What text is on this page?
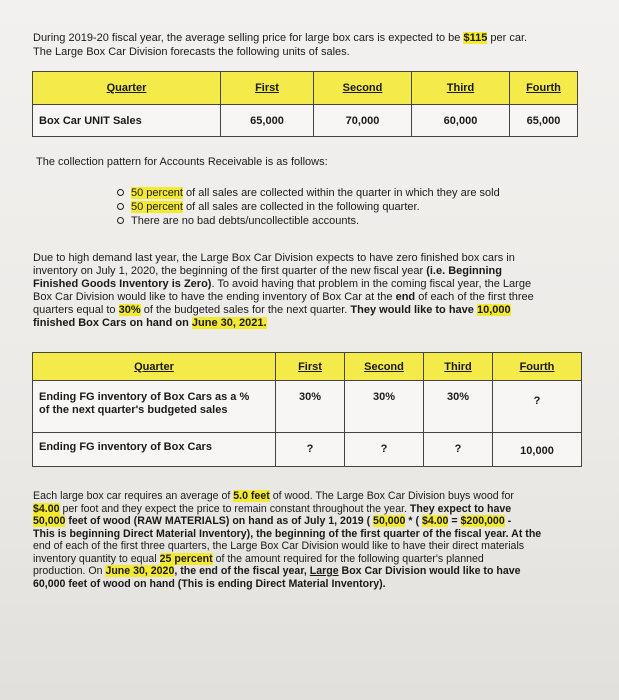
During 2019-20 fiscal year, the average selling price for large box cars is expected to be $115 per car.
The Large Box Car Division forecasts the following units of sales.
Quarter	First	Second	Third	Fourth
Box Car UNIT Sales	65,000	70,000	60,000	65,000
The collection pattern for Accounts Receivable is as follows:
50 percent of all sales are collected within the quarter in which they are sold
50 percent of all sales are collected in the following quarter.
There are no bad debts/uncollectible accounts.
Due to high demand last year, the Large Box Car Division expects to have zero finished box cars in
inventory on July 1, 2020, the beginning of the first quarter of the new fiscal year (i.e. Beginning
Finished Goods Inventory is Zero). To avoid having that problem in the coming fiscal year, the Large
Box Car Division would like to have the ending inventory of Box Car at the end of each of the first three
quarters equal to 30% of the budgeted sales for the next quarter. They would like to have 10,000
finished Box Cars on hand on June 30, 2021.
Quarter	First	Second	Third	Fourth

Ending FG inventory of Box Cars as a %
of the next quarter's budgeted sales	30%	30%	30%	?
Ending FG inventory of Box Cars	?	?	?	10,000
Each large box car requires an average of 5.0 feet of wood. The Large Box Car Division buys wood for
$4.00 per foot and they expect the price to remain constant throughout the year. They expect to have
50,000 feet of wood (RAW MATERIALS) on hand as of July 1, 2019 ( 50,000 * ( $4.00 = $200,000 -
This is beginning Direct Material Inventory), the beginning of the first quarter of the fiscal year. At the
end of each of the first three quarters, the Large Box Car Division would like to have their direct materials
inventory quantity to equal 25 percent of the amount required for the following quarter's planned
production. On June 30, 2020, the end of the fiscal year, Large Box Car Division would like to have
60,000 feet of wood on hand (This is ending Direct Material Inventory).
